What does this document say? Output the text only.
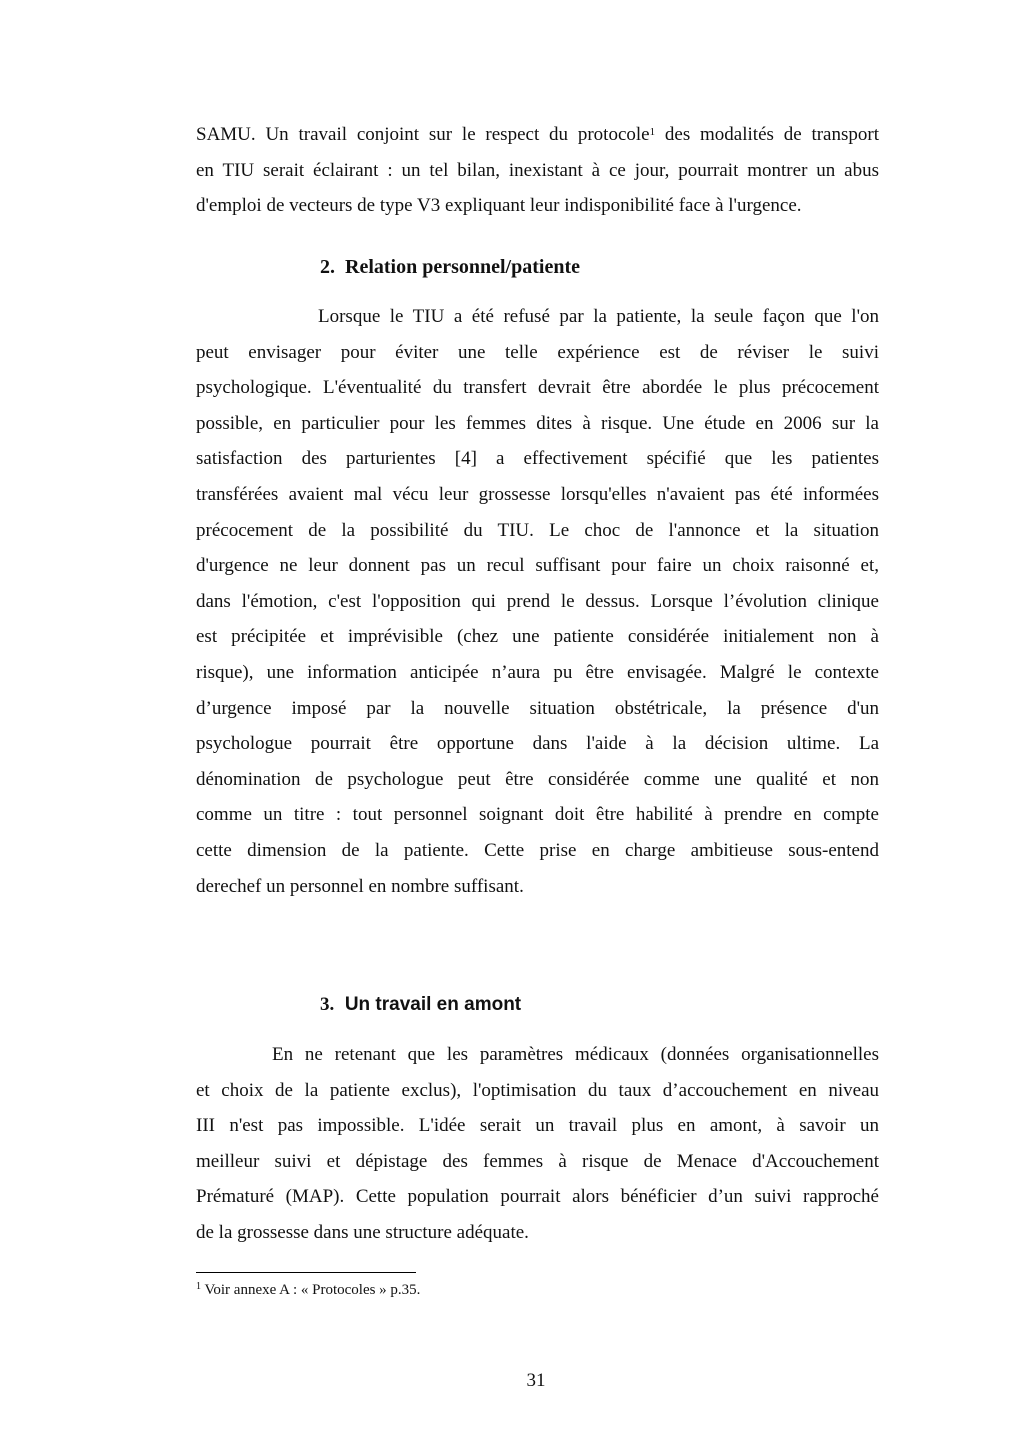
SAMU. Un travail conjoint sur le respect du protocole$^1$ des modalités de transport
en TIU serait éclairant : un tel bilan, inexistant à ce jour, pourrait montrer un abus
d'emploi de vecteurs de type V3 expliquant leur indisponibilité face à l'urgence.
2. Relation personnel/patiente
Lorsque le TIU a été refusé par la patiente, la seule façon que l'on
peut envisager pour éviter une telle expérience est de réviser le suivi
psychologique. L'éventualité du transfert devrait être abordée le plus précocement
possible, en particulier pour les femmes dites à risque. Une étude en 2006 sur la
satisfaction des parturientes [4] a effectivement spécifié que les patientes
transférées avaient mal vécu leur grossesse lorsqu'elles n'avaient pas été informées
précocement de la possibilité du TIU. Le choc de l'annonce et la situation
d'urgence ne leur donnent pas un recul suffisant pour faire un choix raisonné et,
dans l'émotion, c'est l'opposition qui prend le dessus. Lorsque l’évolution clinique
est précipitée et imprévisible (chez une patiente considérée initialement non à
risque), une information anticipée n’aura pu être envisagée. Malgré le contexte
d’urgence imposé par la nouvelle situation obstétricale, la présence d'un
psychologue pourrait être opportune dans l'aide à la décision ultime. La
dénomination de psychologue peut être considérée comme une qualité et non
comme un titre : tout personnel soignant doit être habilité à prendre en compte
cette dimension de la patiente. Cette prise en charge ambitieuse sous-entend
derechef un personnel en nombre suffisant.
3. Un travail en amont
En ne retenant que les paramètres médicaux (données organisationnelles
et choix de la patiente exclus), l'optimisation du taux d’accouchement en niveau
III n'est pas impossible. L'idée serait un travail plus en amont, à savoir un
meilleur suivi et dépistage des femmes à risque de Menace d'Accouchement
Prématuré (MAP). Cette population pourrait alors bénéficier d’un suivi rapproché
de la grossesse dans une structure adéquate.
$^1$ Voir annexe A : « Protocoles » p.35.
31
